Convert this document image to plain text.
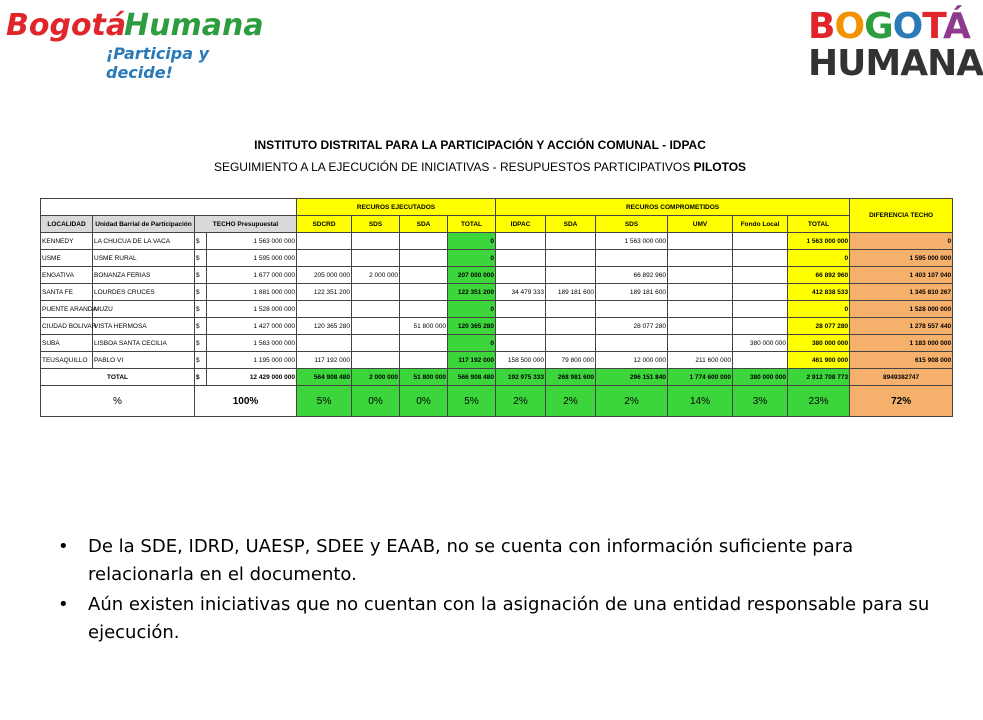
Bogotá
Humana
¡Participa y decide!
BOGOTÁ
HUMANA
INSTITUTO DISTRITAL PARA LA PARTICIPACIÓN Y ACCIÓN COMUNAL - IDPAC
SEGUIMIENTO A LA EJECUCIÓN DE INICIATIVAS - RESUPUESTOS PARTICIPATIVOS PILOTOS
				RECUROS EJECUTADOS				RECUROS COMPROMETIDOS						DIFERENCIA TECHO
LOCALIDAD	Unidad Barrial de Participación	TECHO Presupuestal		SDCRD	SDS	SDA	TOTAL	IDPAC	SDA	SDS	UMV	Fondo Local	TOTAL	
KENNEDY	LA CHUCUA DE LA VACA	$	1 563 000 000				0			1 563 000 000			1 563 000 000	0
USME	USME RURAL	$	1 595 000 000				0						0	1 595 000 000
ENGATIVA	BONANZA FERIAS	$	1 677 000 000	205 000 000	2 000 000		207 000 000			66 892 960			66 892 960	1 403 107 040
SANTA FE	LOURDES CRUCES	$	1 881 000 000	122 351 200			122 351 200	34 479 333	189 181 600	189 181 600			412 838 533	1 345 810 267
PUENTE ARANDA	MUZU	$	1 528 000 000				0						0	1 528 000 000
CIUDAD BOLIVAR	VISTA HERMOSA	$	1 427 000 000	120 365 280		51 800 000	120 365 280			28 077 280			28 077 280	1 278 557 440
SUBA	LISBOA SANTA CECILIA	$	1 563 000 000				0					380 000 000	380 000 000	1 183 000 000
TEUSAQUILLO	PABLO VI	$	1 195 000 000	117 192 000			117 192 000	158 500 000	79 800 000	12 000 000	211 600 000		461 900 000	615 908 000
TOTAL		$	12 429 000 000	564 908 480	2 000 000	51 800 000	566 908 480	192 975 333	268 981 600	296 151 840	1 774 600 000	380 000 000	2 912 708 773	8949382747
%		100%		5%	0%	0%	5%	2%	2%	2%	14%	3%	23%	72%
• De la SDE, IDRD, UAESP, SDEE y EAAB, no se cuenta con información suficiente para relacionarla en el documento.
• Aún existen iniciativas que no cuentan con la asignación de una entidad responsable para su ejecución.
